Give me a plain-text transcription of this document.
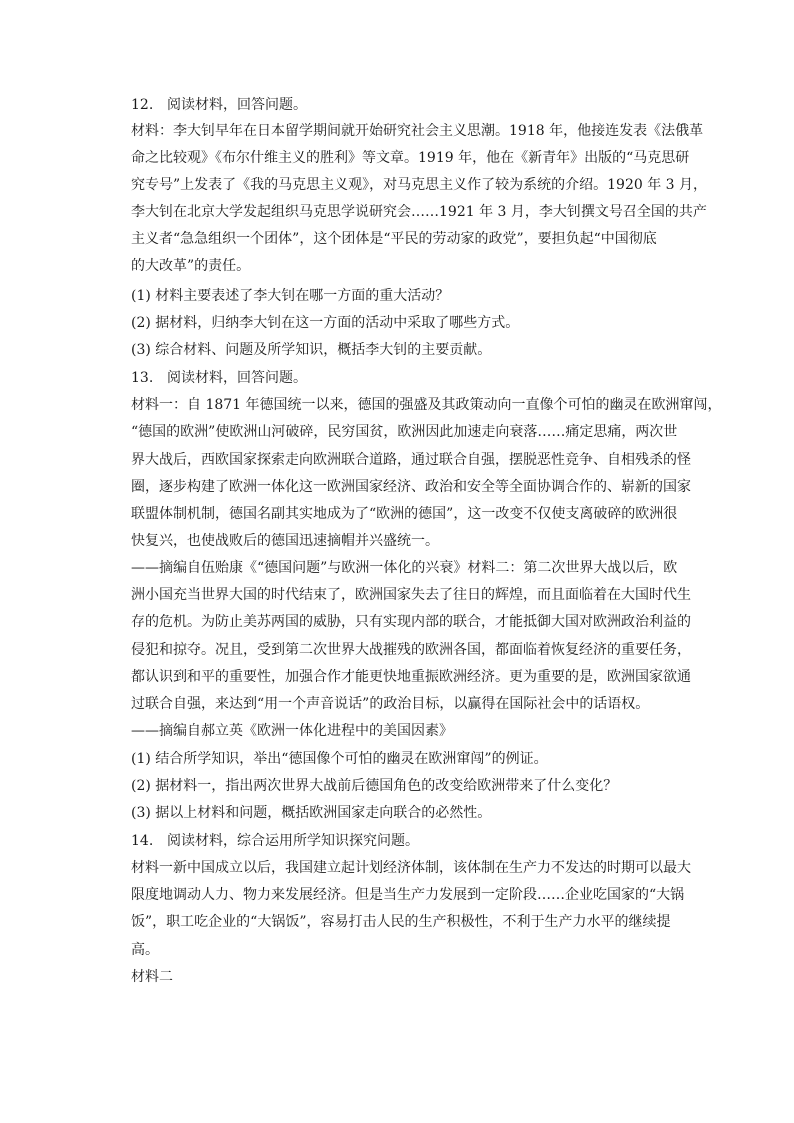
12. 阅读材料，回答问题。
材料：李大钊早年在日本留学期间就开始研究社会主义思潮。1918 年，他接连发表《法俄革
命之比较观》《布尔什维主义的胜利》等文章。1919 年，他在《新青年》出版的“马克思研
究专号”上发表了《我的马克思主义观》，对马克思主义作了较为系统的介绍。1920 年 3 月，
李大钊在北京大学发起组织马克思学说研究会……1921 年 3 月，李大钊撰文号召全国的共产
主义者“急急组织一个团体”，这个团体是“平民的劳动家的政党”，要担负起“中国彻底
的大改革”的责任。
(1) 材料主要表述了李大钊在哪一方面的重大活动？
(2) 据材料，归纳李大钊在这一方面的活动中采取了哪些方式。
(3) 综合材料、问题及所学知识，概括李大钊的主要贡献。
13. 阅读材料，回答问题。
材料一：自 1871 年德国统一以来，德国的强盛及其政策动向一直像个可怕的幽灵在欧洲窜闯，
“德国的欧洲”使欧洲山河破碎，民穷国贫，欧洲因此加速走向衰落……痛定思痛，两次世
界大战后，西欧国家探索走向欧洲联合道路，通过联合自强，摆脱恶性竞争、自相残杀的怪
圈，逐步构建了欧洲一体化这一欧洲国家经济、政治和安全等全面协调合作的、崭新的国家
联盟体制机制，德国名副其实地成为了“欧洲的德国”，这一改变不仅使支离破碎的欧洲很
快复兴，也使战败后的德国迅速摘帽并兴盛统一。
——摘编自伍贻康《“德国问题”与欧洲一体化的兴衰》材料二：第二次世界大战以后，欧
洲小国充当世界大国的时代结束了，欧洲国家失去了往日的辉煌，而且面临着在大国时代生
存的危机。为防止美苏两国的威胁，只有实现内部的联合，才能抵御大国对欧洲政治利益的
侵犯和掠夺。况且，受到第二次世界大战摧残的欧洲各国，都面临着恢复经济的重要任务，
都认识到和平的重要性，加强合作才能更快地重振欧洲经济。更为重要的是，欧洲国家欲通
过联合自强，来达到“用一个声音说话”的政治目标，以赢得在国际社会中的话语权。
——摘编自郝立英《欧洲一体化进程中的美国因素》
(1) 结合所学知识，举出“德国像个可怕的幽灵在欧洲窜闯”的例证。
(2) 据材料一，指出两次世界大战前后德国角色的改变给欧洲带来了什么变化？
(3) 据以上材料和问题，概括欧洲国家走向联合的必然性。
14. 阅读材料，综合运用所学知识探究问题。
材料一新中国成立以后，我国建立起计划经济体制，该体制在生产力不发达的时期可以最大
限度地调动人力、物力来发展经济。但是当生产力发展到一定阶段……企业吃国家的“大锅
饭”，职工吃企业的“大锅饭”，容易打击人民的生产积极性，不利于生产力水平的继续提
高。
材料二
